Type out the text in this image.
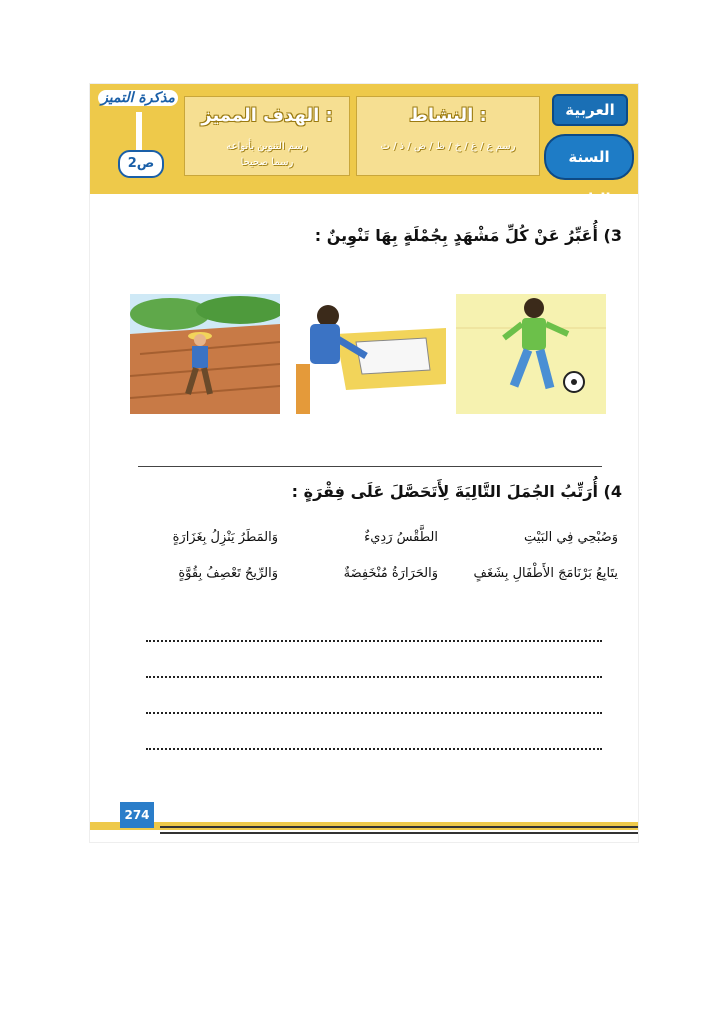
العربية
السنة الثانية
النشاط :
رسم ع / غ / خ / ظ / ض / ذ / ث
الهدف المميز :
رسم التنوين بأنواعه
رسما صحيحا
مذكرة التميز
2ص
3) أُعَبِّرُ عَنْ كُلِّ مَشْهَدٍ بِجُمْلَةٍ بِهَا تَنْوِينٌ :
4) أُرَتِّبُ الجُمَلَ التَّالِيَةَ لِأَتَحَصَّلَ عَلَى فِقْرَةٍ :
وَصُبْحِي فِي البَيْتِ
الطَّقْسُ رَدِيءٌ
وَالمَطَرُ يَنْزِلُ بِغَزَارَةٍ
يتَابِعُ بَرْنَامَجَ الأَطْفَالِ بِشَغَفٍ
وَالحَرَارَةُ مُنْخَفِضَةٌ
وَالرِّيحُ تَعْصِفُ بِقُوَّةٍ
274
